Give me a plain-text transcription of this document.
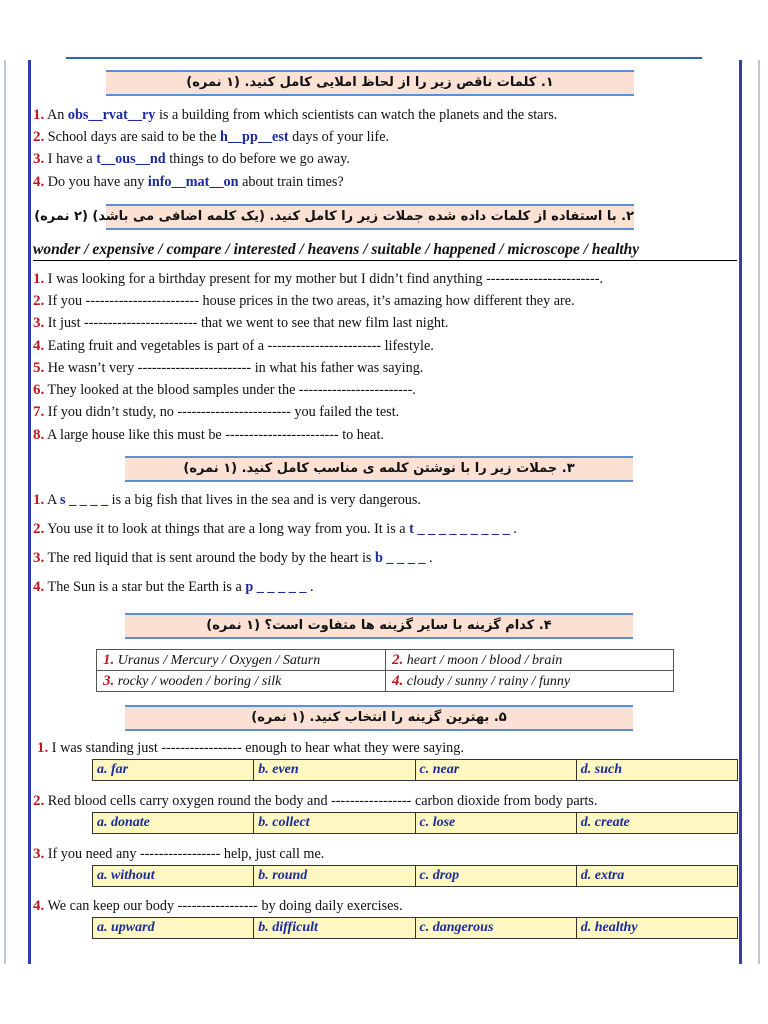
۱. کلمات ناقص زیر را از لحاظ املایی کامل کنید. (۱ نمره)
1. An obs__rvat__ry is a building from which scientists can watch the planets and the stars.
2. School days are said to be the h__pp__est days of your life.
3. I have a t__ous__nd things to do before we go away.
4. Do you have any info__mat__on about train times?
۲. با استفاده از کلمات داده شده جملات زیر را کامل کنید. (یک کلمه اضافی می باشد) (۲ نمره)
wonder / expensive / compare / interested / heavens / suitable / happened / microscope / healthy
1. I was looking for a birthday present for my mother but I didn’t find anything ------------------------.
2. If you ------------------------ house prices in the two areas, it’s amazing how different they are.
3. It just ------------------------ that we went to see that new film last night.
4. Eating fruit and vegetables is part of a ------------------------ lifestyle.
5. He wasn’t very ------------------------ in what his father was saying.
6. They looked at the blood samples under the ------------------------.
7. If you didn’t study, no ------------------------ you failed the test.
8. A large house like this must be ------------------------ to heat.
۳. جملات زیر را با نوشتن کلمه ی مناسب کامل کنید. (۱ نمره)
1. A s _ _ _ _ is a big fish that lives in the sea and is very dangerous.
2. You use it to look at things that are a long way from you. It is a t _ _ _ _ _ _ _ _ _ .
3. The red liquid that is sent around the body by the heart is b _ _ _ _ .
4. The Sun is a star but the Earth is a p _ _ _ _ _ .
۴. کدام گزینه با سایر گزینه ها متفاوت است؟ (۱ نمره)
1. Uranus / Mercury / Oxygen / Saturn	2. heart / moon / blood / brain
3. rocky / wooden / boring / silk	4. cloudy / sunny / rainy / funny
۵. بهترین گزینه را انتخاب کنید. (۱ نمره)
1. I was standing just ----------------- enough to hear what they were saying.
a. far	b. even	c. near	d. such
2. Red blood cells carry oxygen round the body and ----------------- carbon dioxide from body parts.
a. donate	b. collect	c. lose	d. create
3. If you need any ----------------- help, just call me.
a. without	b. round	c. drop	d. extra
4. We can keep our body ----------------- by doing daily exercises.
a. upward	b. difficult	c. dangerous	d. healthy
